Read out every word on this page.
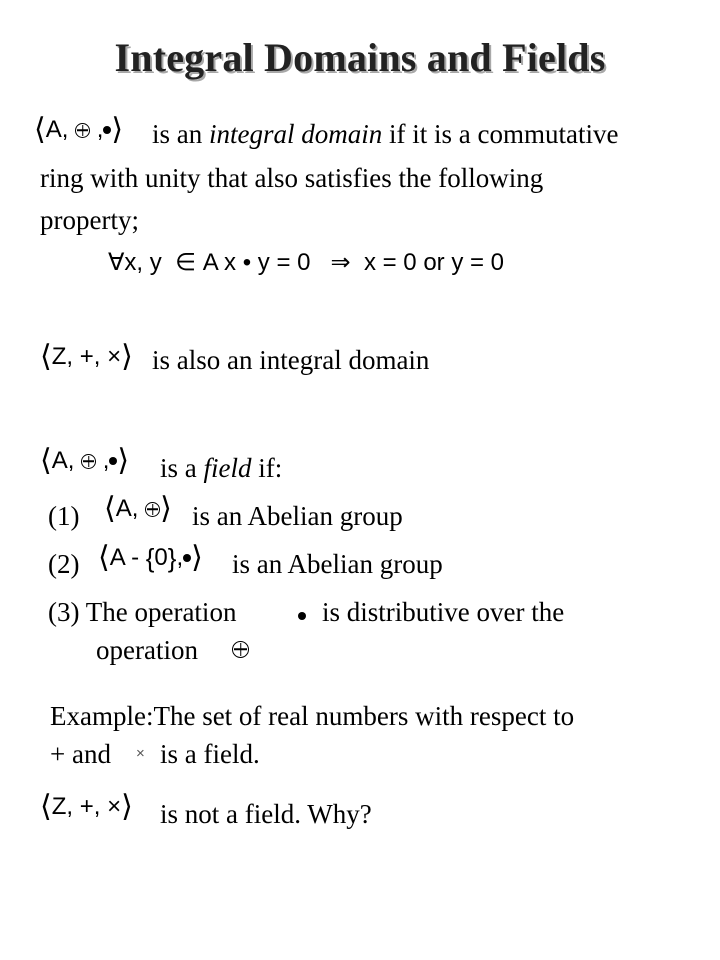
Integral Domains and Fields
⟨ A, , ⟩ is an integral domain if it is a commutative
ring with unity that also satisfies the following
property;
∀x, y ∈ A x • y = 0 ⇒ x = 0 or y = 0
⟨ Z, +, × ⟩ is also an integral domain
⟨ A, , ⟩ is a field if:
(1) ⟨ A, ⟩ is an Abelian group
(2) ⟨ A - { 0 } , ⟩ is an Abelian group
(3) The operation	is distributive over the
operation
Example:The set of real numbers with respect to
+ and × is a field.
⟨ Z, +, × ⟩ is not a field. Why?
